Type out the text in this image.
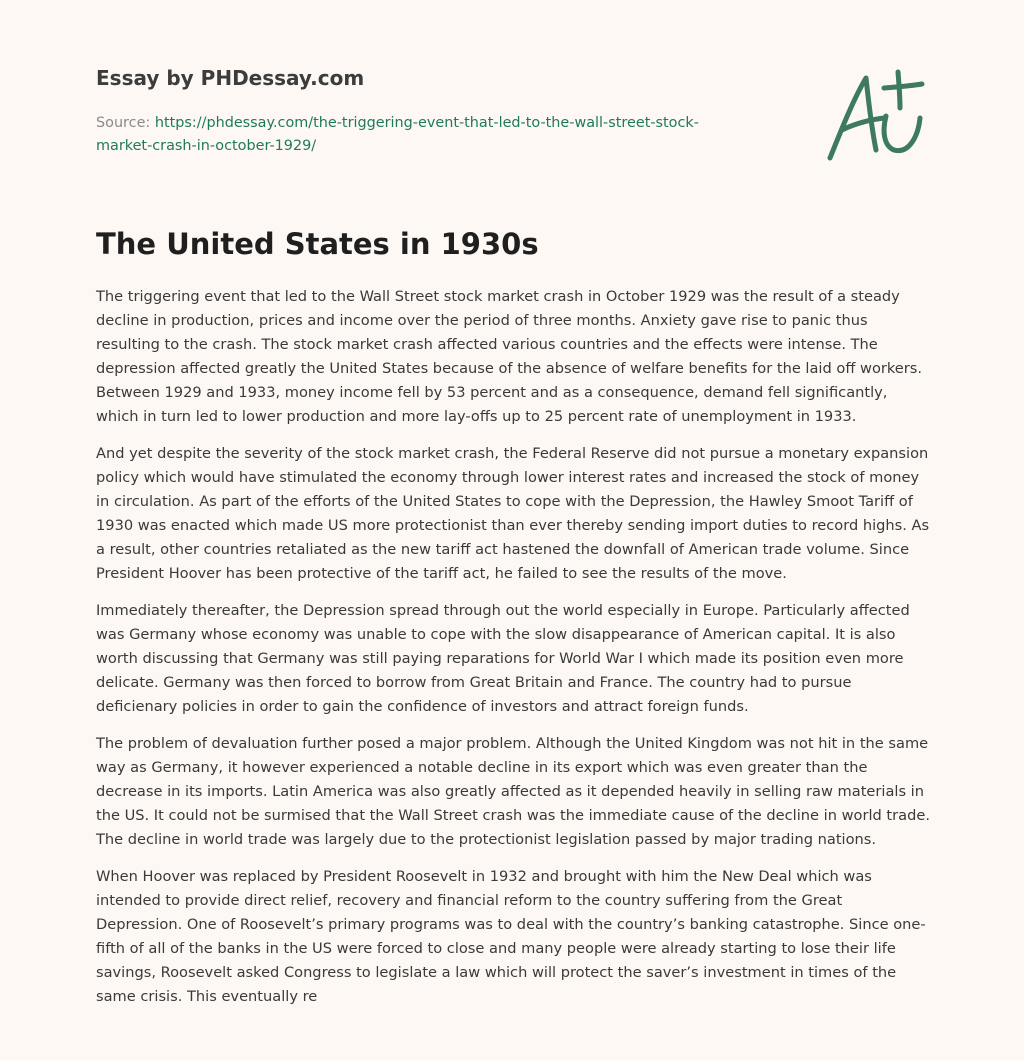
Essay by PHDessay.com
Source: https://phdessay.com/the-triggering-event-that-led-to-the-wall-street-stock-
market-crash-in-october-1929/
The United States in 1930s

The triggering event that led to the Wall Street stock market crash in October 1929 was the result of a steady decline in production, prices and income over the period of three months. Anxiety gave rise to panic thus resulting to the crash. The stock market crash affected various countries and the effects were intense. The depression affected greatly the United States because of the absence of welfare benefits for the laid off workers. Between 1929 and 1933, money income fell by 53 percent and as a consequence, demand fell significantly, which in turn led to lower production and more lay-offs up to 25 percent rate of unemployment in 1933.

And yet despite the severity of the stock market crash, the Federal Reserve did not pursue a monetary expansion policy which would have stimulated the economy through lower interest rates and increased the stock of money in circulation. As part of the efforts of the United States to cope with the Depression, the Hawley Smoot Tariff of 1930 was enacted which made US more protectionist than ever thereby sending import duties to record highs. As a result, other countries retaliated as the new tariff act hastened the downfall of American trade volume. Since President Hoover has been protective of the tariff act, he failed to see the results of the move.

Immediately thereafter, the Depression spread through out the world especially in Europe. Particularly affected was Germany whose economy was unable to cope with the slow disappearance of American capital. It is also worth discussing that Germany was still paying reparations for World War I which made its position even more delicate. Germany was then forced to borrow from Great Britain and France. The country had to pursue deficienary policies in order to gain the confidence of investors and attract foreign funds.

The problem of devaluation further posed a major problem. Although the United Kingdom was not hit in the same way as Germany, it however experienced a notable decline in its export which was even greater than the decrease in its imports. Latin America was also greatly affected as it depended heavily in selling raw materials in the US. It could not be surmised that the Wall Street crash was the immediate cause of the decline in world trade. The decline in world trade was largely due to the protectionist legislation passed by major trading nations.

When Hoover was replaced by President Roosevelt in 1932 and brought with him the New Deal which was intended to provide direct relief, recovery and financial reform to the country suffering from the Great Depression. One of Roosevelt’s primary programs was to deal with the country’s banking catastrophe. Since one-fifth of all of the banks in the US were forced to close and many people were already starting to lose their life savings, Roosevelt asked Congress to legislate a law which will protect the saver’s investment in times of the same crisis. This eventually re
